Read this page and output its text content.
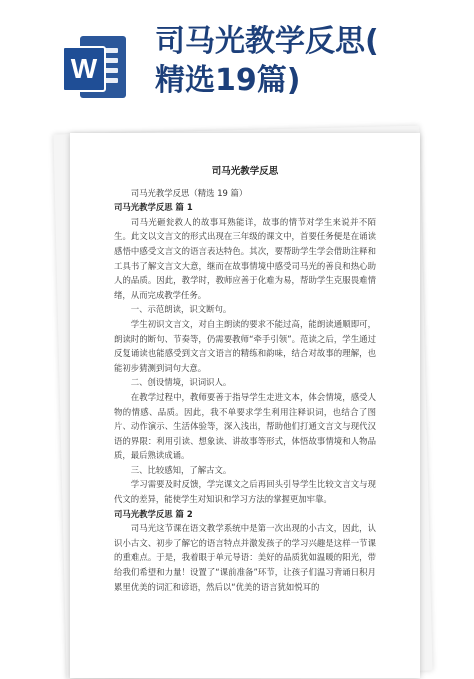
W
司马光教学反思(
精选19篇)
司马光教学反思

司马光教学反思（精选 19 篇）

司马光教学反思 篇 1

司马光砸瓮救人的故事耳熟能详，故事的情节对学生来说并不陌生。此文以文言文的形式出现在三年级的课文中，首要任务便是在诵读感悟中感受文言文的语言表达特色。其次，要帮助学生学会借助注释和工具书了解文言文大意，继而在故事情境中感受司马光的善良和热心助人的品质。因此，教学时，教师应善于化难为易，帮助学生克服畏难情绪，从而完成教学任务。

一、示范朗读，识文断句。

学生初识文言文，对自主朗读的要求不能过高，能朗读通顺即可，朗读时的断句、节奏等，仍需要教师“牵手引领”。范读之后，学生通过反复诵读也能感受到文言文语言的精练和韵味，结合对故事的理解，也能初步猜测到词句大意。

二、创设情境，识词识人。

在教学过程中，教师要善于指导学生走进文本，体会情境，感受人物的情感、品质。因此，我不单要求学生利用注释识词，也结合了图片、动作演示、生活体验等，深入浅出，帮助他们打通文言文与现代汉语的界限：利用引读、想象读、讲故事等形式，体悟故事情境和人物品质，最后熟读成诵。

三、比较感知，了解古文。

学习需要及时反馈，学完课文之后再回头引导学生比较文言文与现代文的差异，能使学生对知识和学习方法的掌握更加牢靠。

司马光教学反思 篇 2

司马光这节课在语文教学系统中是第一次出现的小古文，因此，认识小古文、初步了解它的语言特点并激发孩子的学习兴趣是这样一节课的重难点。于是，我着眼于单元导语：美好的品质犹如温暖的阳光，带给我们希望和力量！设置了“课前准备”环节，让孩子们温习背诵日积月累里优美的词汇和谚语，然后以“优美的语言犹如悦耳的
